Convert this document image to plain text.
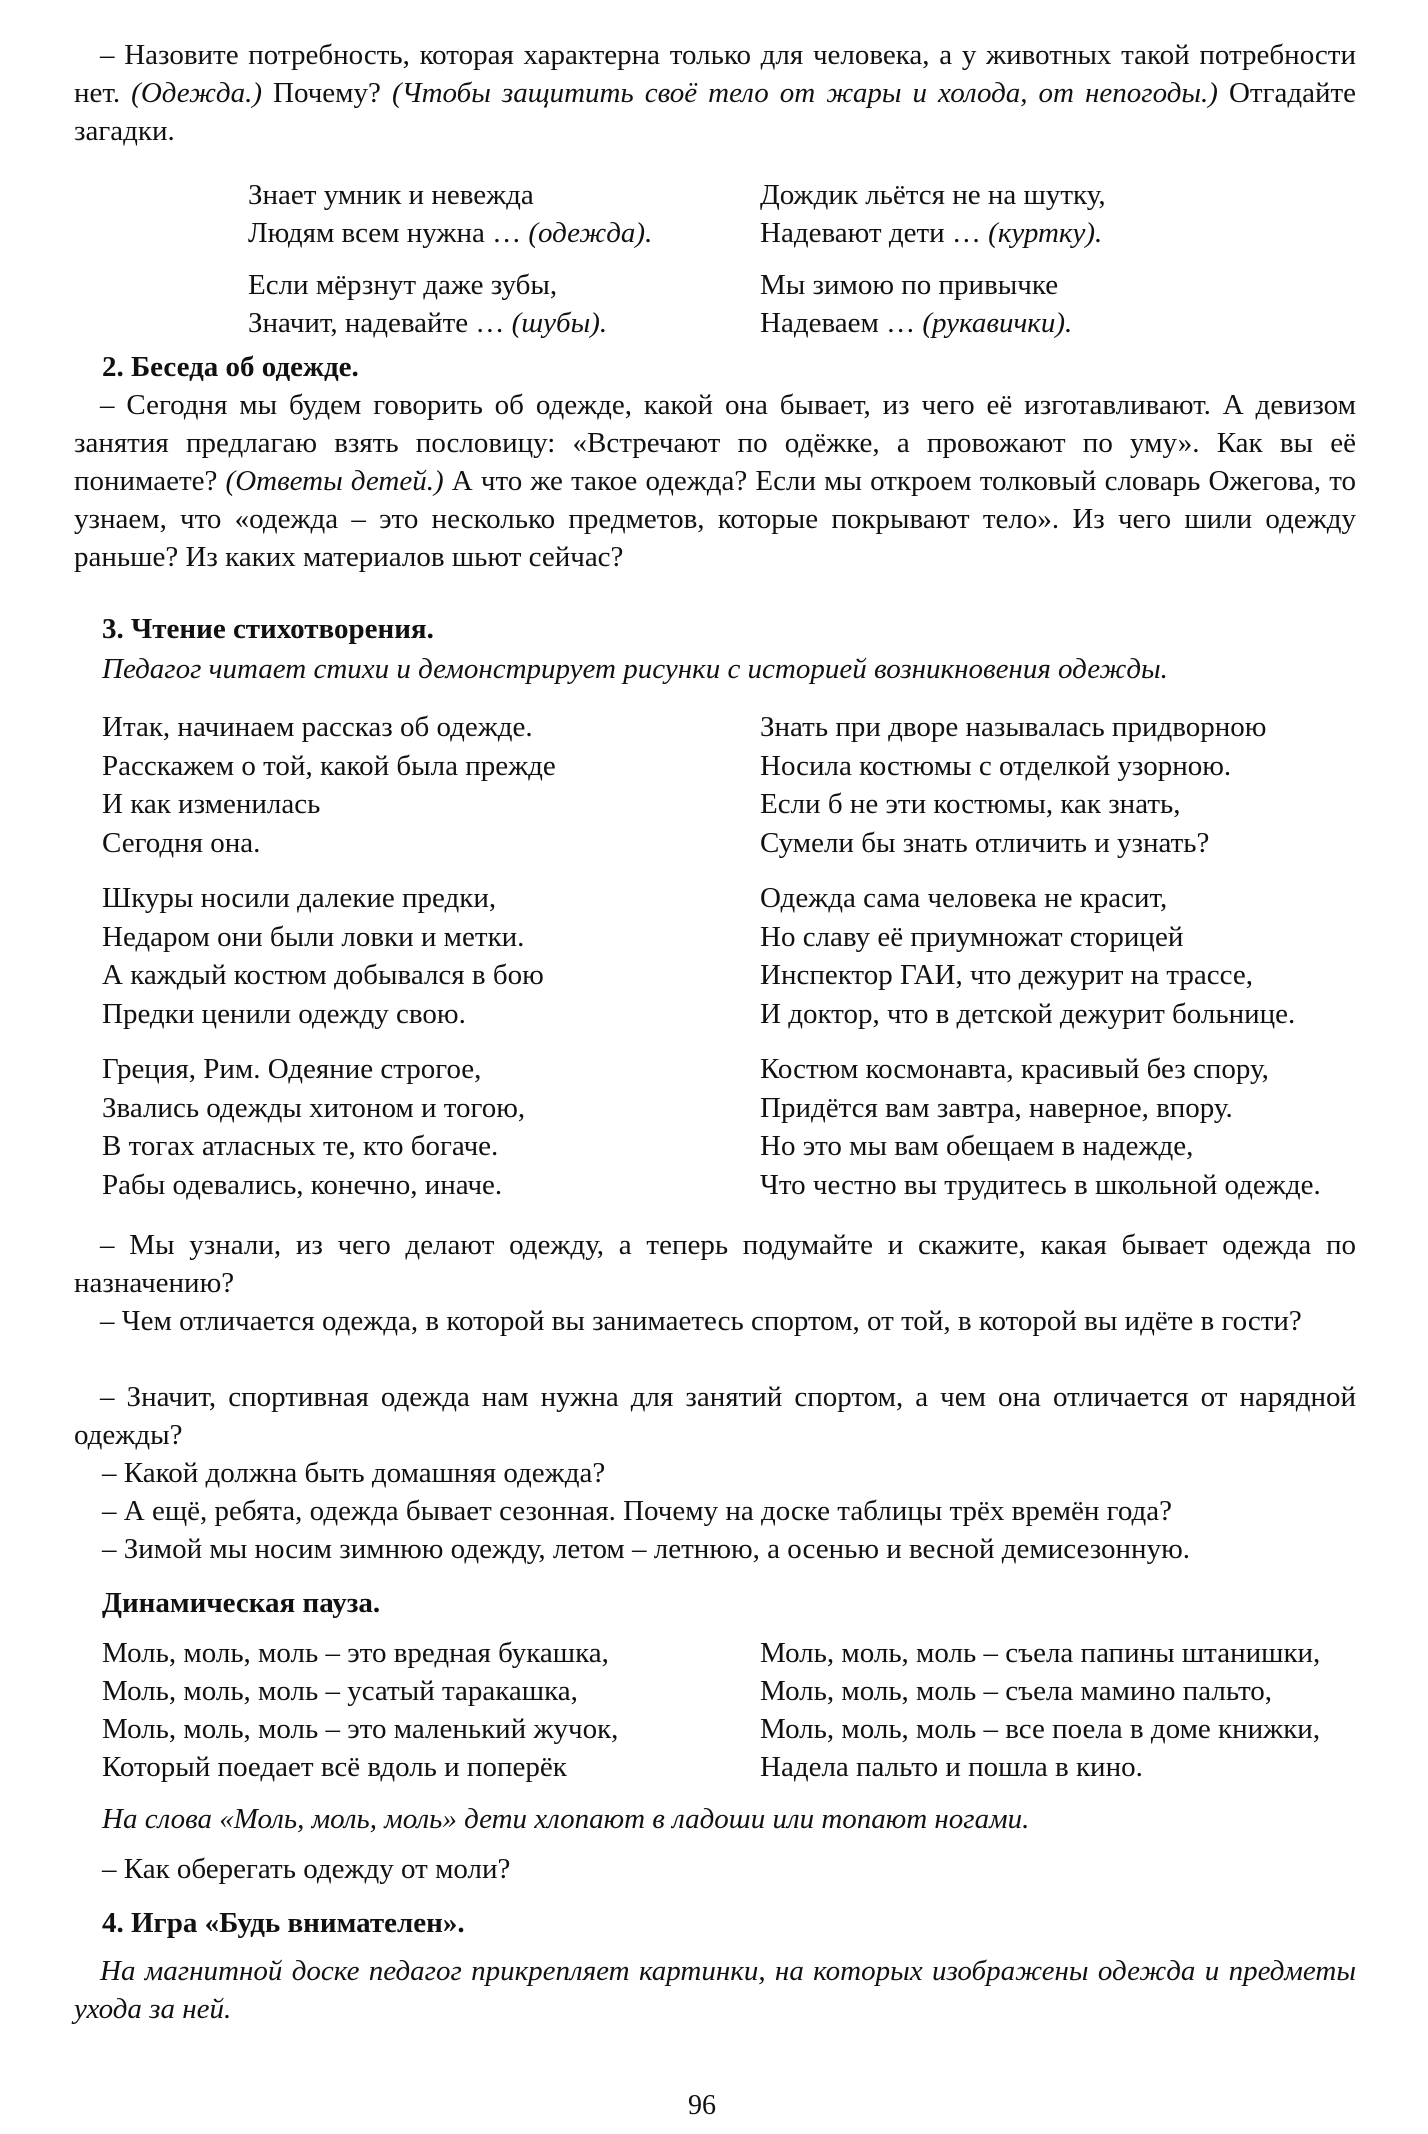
– Назовите потребность, которая характерна только для человека, а у животных такой потребности нет. (Одежда.) Почему? (Чтобы защитить своё тело от жары и холода, от непогоды.) Отгадайте загадки.

Знает умник и невежда
Людям всем нужна … (одежда).
Если мёрзнут даже зубы,
Значит, надевайте … (шубы).
Дождик льётся не на шутку,
Надевают дети … (куртку).
Мы зимою по привычке
Надеваем … (рукавички).

2. Беседа об одежде.

– Сегодня мы будем говорить об одежде, какой она бывает, из чего её изготавливают. А девизом занятия предлагаю взять пословицу: «Встречают по одёжке, а провожают по уму». Как вы её понимаете? (Ответы детей.) А что же такое одежда? Если мы откроем толковый словарь Ожегова, то узнаем, что «одежда – это несколько предметов, которые покрывают тело». Из чего шили одежду раньше? Из каких материалов шьют сейчас?

3. Чтение стихотворения.

Педагог читает стихи и демонстрирует рисунки с историей возникновения одежды.

Итак, начинаем рассказ об одежде.
Расскажем о той, какой была прежде
И как изменилась
Сегодня она.
Шкуры носили далекие предки,
Недаром они были ловки и метки.
А каждый костюм добывался в бою
Предки ценили одежду свою.
Греция, Рим. Одеяние строгое,
Звались одежды хитоном и тогою,
В тогах атласных те, кто богаче.
Рабы одевались, конечно, иначе.
Знать при дворе называлась придворною
Носила костюмы с отделкой узорною.
Если б не эти костюмы, как знать,
Сумели бы знать отличить и узнать?
Одежда сама человека не красит,
Но славу её приумножат сторицей
Инспектор ГАИ, что дежурит на трассе,
И доктор, что в детской дежурит больнице.
Костюм космонавта, красивый без спору,
Придётся вам завтра, наверное, впору.
Но это мы вам обещаем в надежде,
Что честно вы трудитесь в школьной одежде.

– Мы узнали, из чего делают одежду, а теперь подумайте и скажите, какая бывает одежда по назначению?

– Чем отличается одежда, в которой вы занимаетесь спортом, от той, в которой вы идёте в гости?

– Значит, спортивная одежда нам нужна для занятий спортом, а чем она отличается от нарядной одежды?

– Какой должна быть домашняя одежда?

– А ещё, ребята, одежда бывает сезонная. Почему на доске таблицы трёх времён года?

– Зимой мы носим зимнюю одежду, летом – летнюю, а осенью и весной демисезонную.

Динамическая пауза.

Моль, моль, моль – это вредная букашка,
Моль, моль, моль – усатый таракашка,
Моль, моль, моль – это маленький жучок,
Который поедает всё вдоль и поперёк
Моль, моль, моль – съела папины штанишки,
Моль, моль, моль – съела мамино пальто,
Моль, моль, моль – все поела в доме книжки,
Надела пальто и пошла в кино.

На слова «Моль, моль, моль» дети хлопают в ладоши или топают ногами.

– Как оберегать одежду от моли?

4. Игра «Будь внимателен».

На магнитной доске педагог прикрепляет картинки, на которых изображены одежда и предметы ухода за ней.

96
